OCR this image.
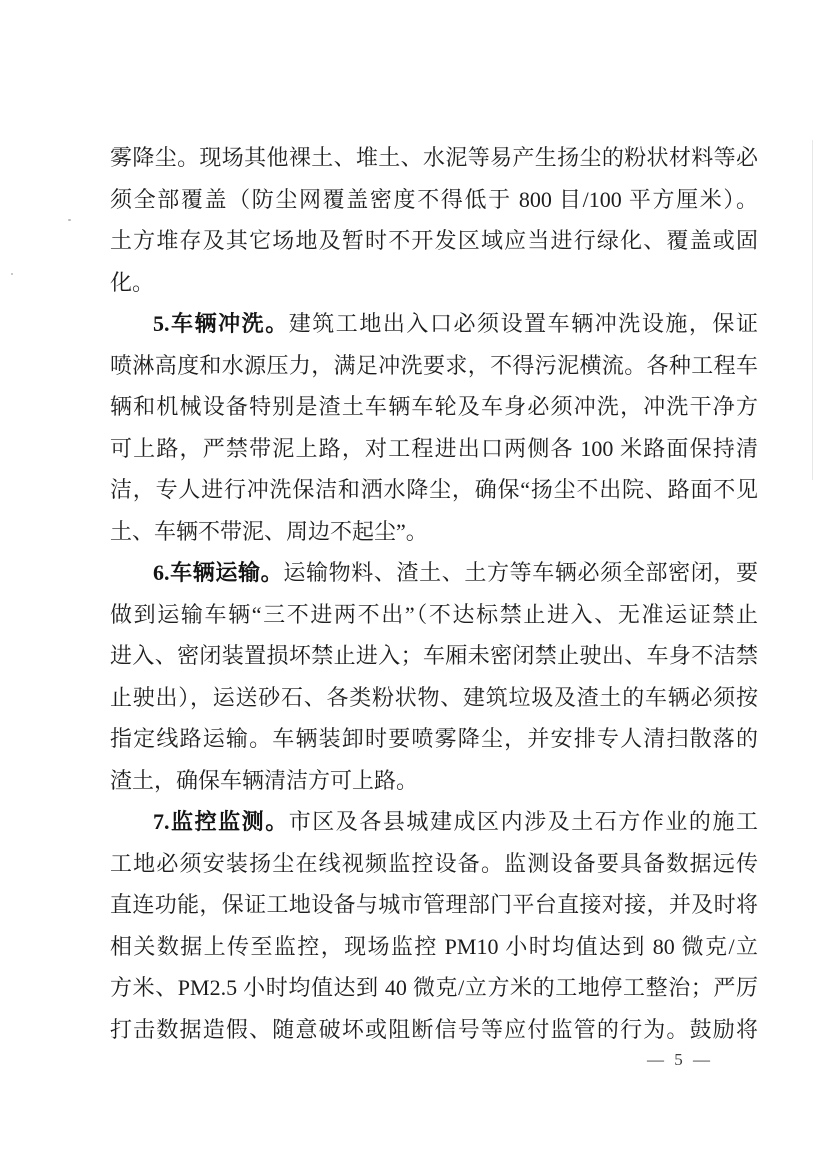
雾降尘。现场其他裸土、堆土、水泥等易产生扬尘的粉状材料等必
须全部覆盖（防尘网覆盖密度不得低于 800 目/100 平方厘米）。
土方堆存及其它场地及暂时不开发区域应当进行绿化、覆盖或固
化。
5.车辆冲洗。建筑工地出入口必须设置车辆冲洗设施，保证
喷淋高度和水源压力，满足冲洗要求，不得污泥横流。各种工程车
辆和机械设备特别是渣土车辆车轮及车身必须冲洗，冲洗干净方
可上路，严禁带泥上路，对工程进出口两侧各 100 米路面保持清
洁，专人进行冲洗保洁和洒水降尘，确保“扬尘不出院、路面不见
土、车辆不带泥、周边不起尘”。
6.车辆运输。运输物料、渣土、土方等车辆必须全部密闭，要
做到运输车辆“三不进两不出”（不达标禁止进入、无准运证禁止
进入、密闭装置损坏禁止进入；车厢未密闭禁止驶出、车身不洁禁
止驶出），运送砂石、各类粉状物、建筑垃圾及渣土的车辆必须按
指定线路运输。车辆装卸时要喷雾降尘，并安排专人清扫散落的
渣土，确保车辆清洁方可上路。
7.监控监测。市区及各县城建成区内涉及土石方作业的施工
工地必须安装扬尘在线视频监控设备。监测设备要具备数据远传
直连功能，保证工地设备与城市管理部门平台直接对接，并及时将
相关数据上传至监控，现场监控 PM10 小时均值达到 80 微克/立
方米、PM2.5 小时均值达到 40 微克/立方米的工地停工整治；严厉
打击数据造假、随意破坏或阻断信号等应付监管的行为。鼓励将
— 5 —
